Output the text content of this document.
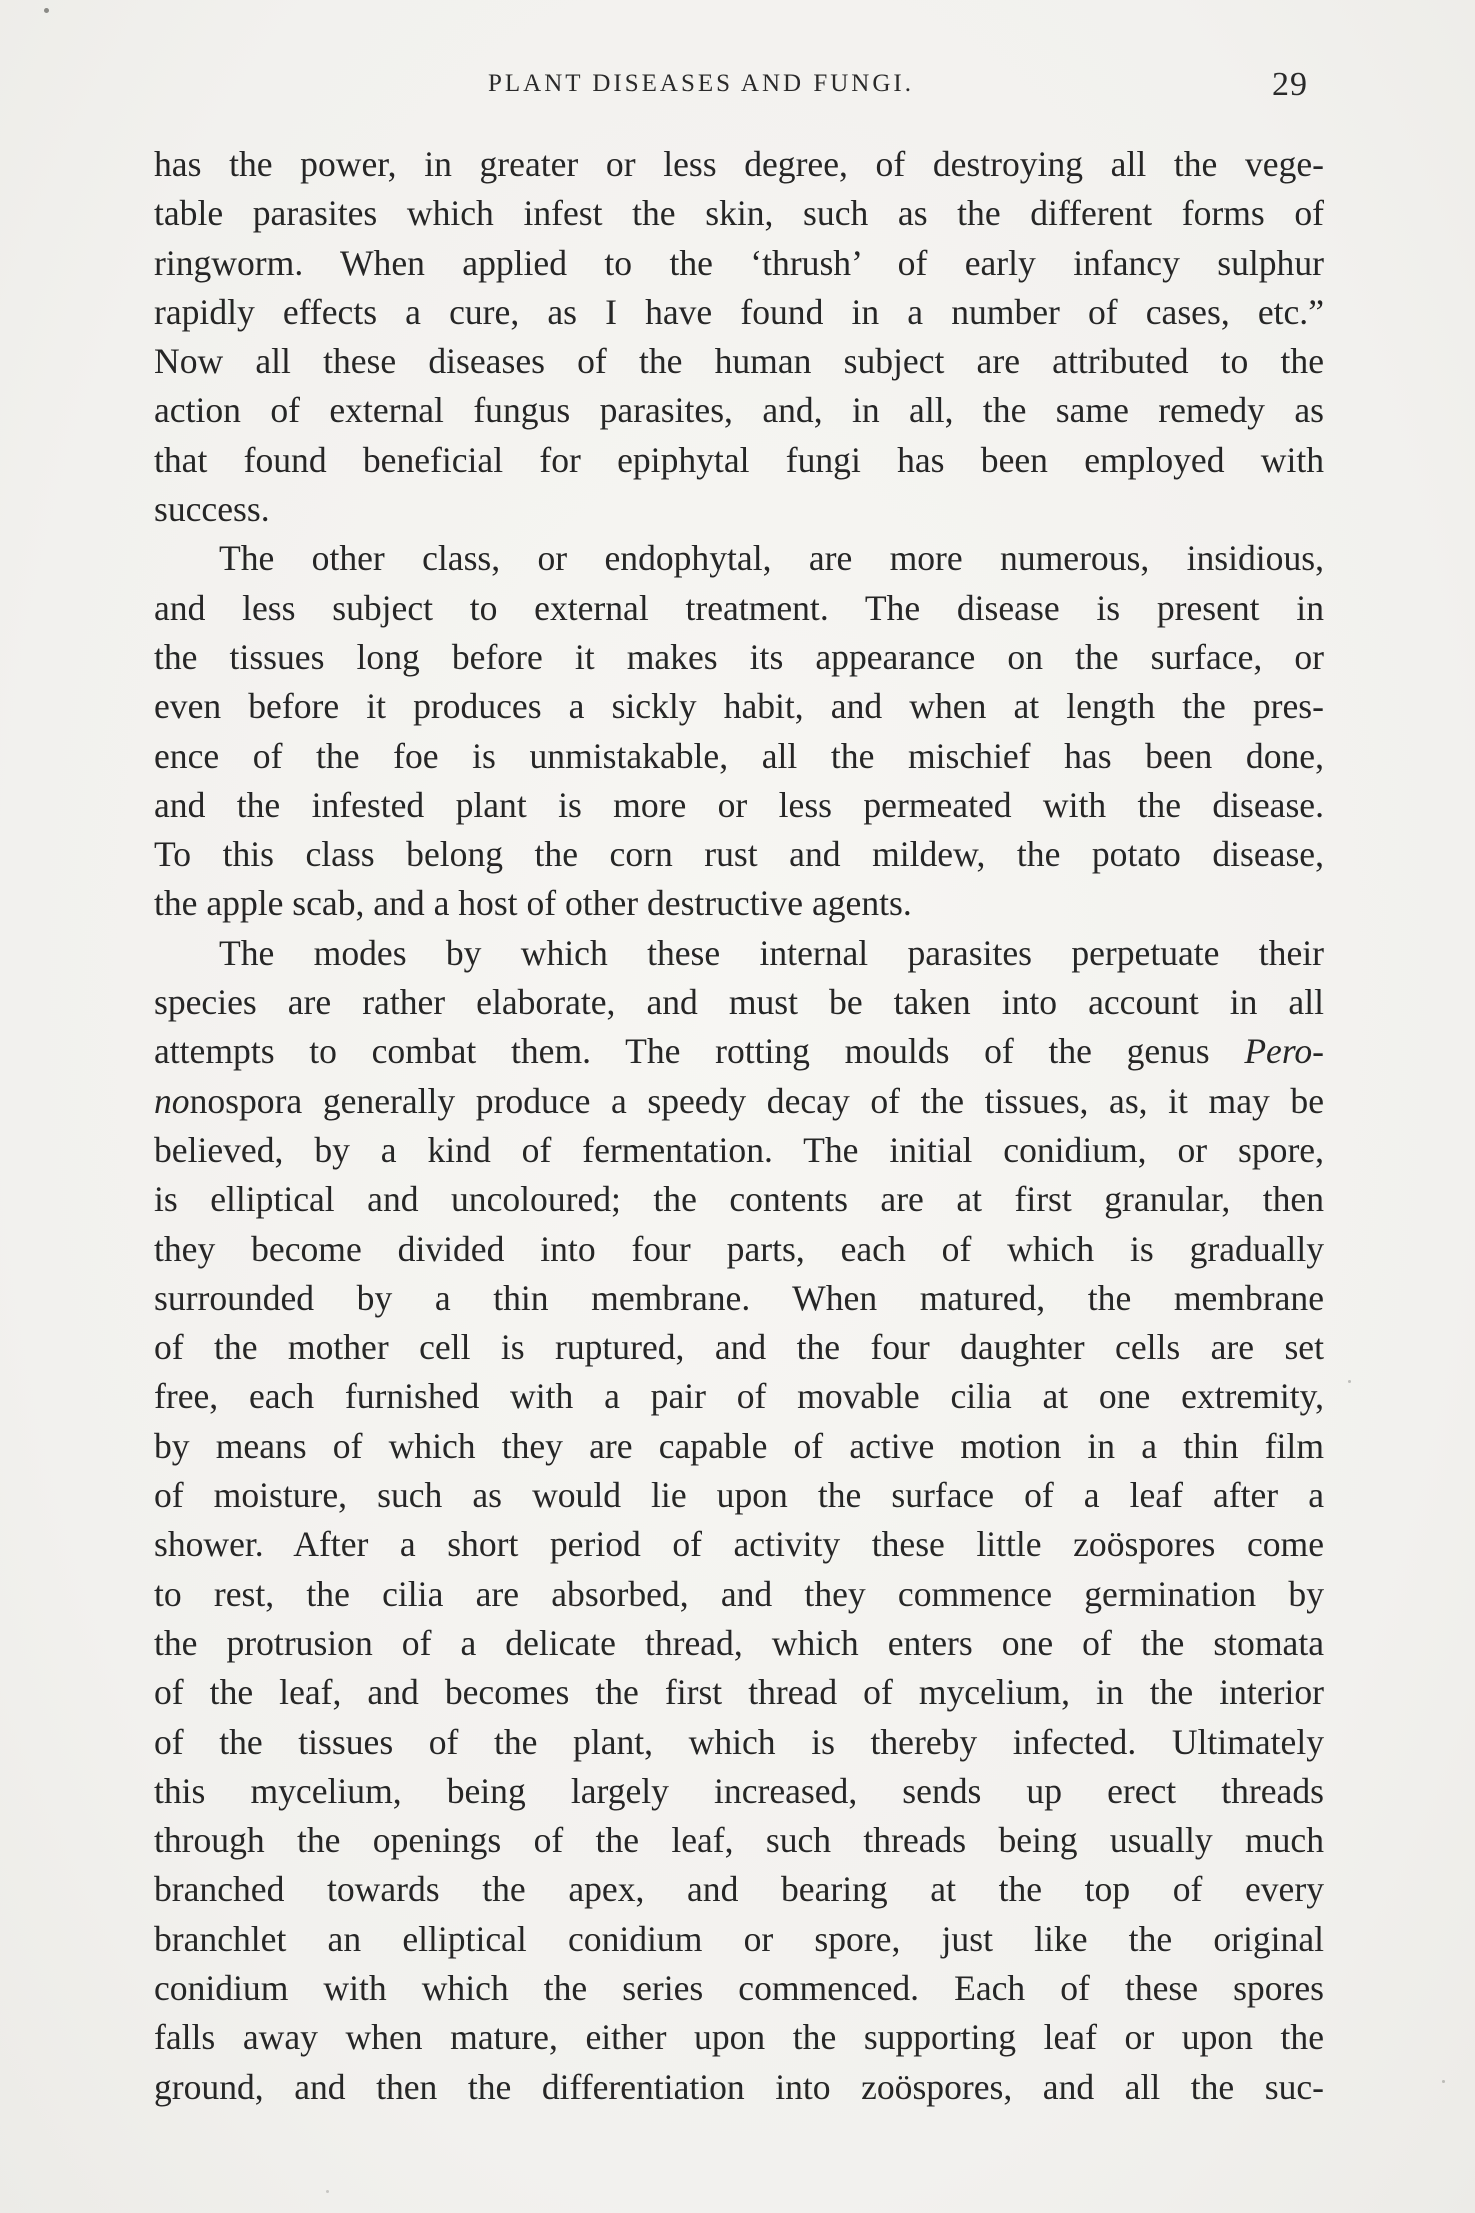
PLANT DISEASES AND FUNGI.	29
has the power, in greater or less degree, of destroying all the vege-
table parasites which infest the skin, such as the different forms of
ringworm. When applied to the ‘thrush’ of early infancy sulphur
rapidly effects a cure, as I have found in a number of cases, etc.”
Now all these diseases of the human subject are attributed to the
action of external fungus parasites, and, in all, the same remedy as
that found beneficial for epiphytal fungi has been employed with
success.
The other class, or endophytal, are more numerous, insidious,
and less subject to external treatment. The disease is present in
the tissues long before it makes its appearance on the surface, or
even before it produces a sickly habit, and when at length the pres-
ence of the foe is unmistakable, all the mischief has been done,
and the infested plant is more or less permeated with the disease.
To this class belong the corn rust and mildew, the potato disease,
the apple scab, and a host of other destructive agents.
The modes by which these internal parasites perpetuate their
species are rather elaborate, and must be taken into account in all
attempts to combat them. The rotting moulds of the genus Pero-
nonospora generally produce a speedy decay of the tissues, as, it may be
believed, by a kind of fermentation. The initial conidium, or spore,
is elliptical and uncoloured; the contents are at first granular, then
they become divided into four parts, each of which is gradually
surrounded by a thin membrane. When matured, the membrane
of the mother cell is ruptured, and the four daughter cells are set
free, each furnished with a pair of movable cilia at one extremity,
by means of which they are capable of active motion in a thin film
of moisture, such as would lie upon the surface of a leaf after a
shower. After a short period of activity these little zoöspores come
to rest, the cilia are absorbed, and they commence germination by
the protrusion of a delicate thread, which enters one of the stomata
of the leaf, and becomes the first thread of mycelium, in the interior
of the tissues of the plant, which is thereby infected. Ultimately
this mycelium, being largely increased, sends up erect threads
through the openings of the leaf, such threads being usually much
branched towards the apex, and bearing at the top of every
branchlet an elliptical conidium or spore, just like the original
conidium with which the series commenced. Each of these spores
falls away when mature, either upon the supporting leaf or upon the
ground, and then the differentiation into zoöspores, and all the suc-
